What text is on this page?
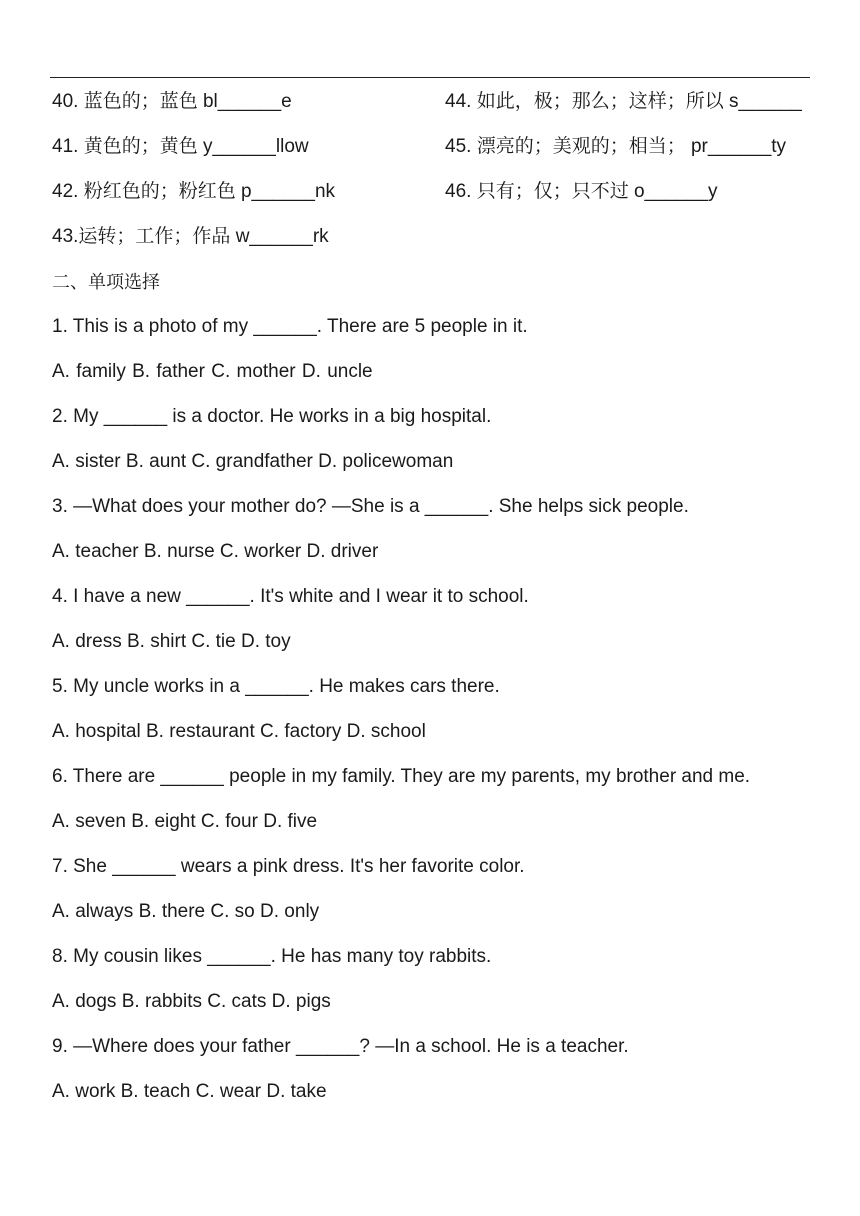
40. 蓝色的；蓝色 bl______e
41. 黄色的；黄色 y______llow
42. 粉红色的；粉红色 p______nk
43.运转；工作；作品 w______rk
44. 如此，极；那么；这样；所以 s______
45. 漂亮的；美观的；相当； pr______ty
46. 只有；仅；只不过 o______y
二、单项选择
1. This is a photo of my ______. There are 5 people in it.
A. family B. father C. mother D. uncle
2. My ______ is a doctor. He works in a big hospital.
A. sister B. aunt C. grandfather D. policewoman
3. —What does your mother do? —She is a ______. She helps sick people.
A. teacher B. nurse C. worker D. driver
4. I have a new ______. It's white and I wear it to school.
A. dress B. shirt C. tie D. toy
5. My uncle works in a ______. He makes cars there.
A. hospital B. restaurant C. factory D. school
6. There are ______ people in my family. They are my parents, my brother and me.
A. seven B. eight C. four D. five
7. She ______ wears a pink dress. It's her favorite color.
A. always B. there C. so D. only
8. My cousin likes ______. He has many toy rabbits.
A. dogs B. rabbits C. cats D. pigs
9. —Where does your father ______? —In a school. He is a teacher.
A. work B. teach C. wear D. take
